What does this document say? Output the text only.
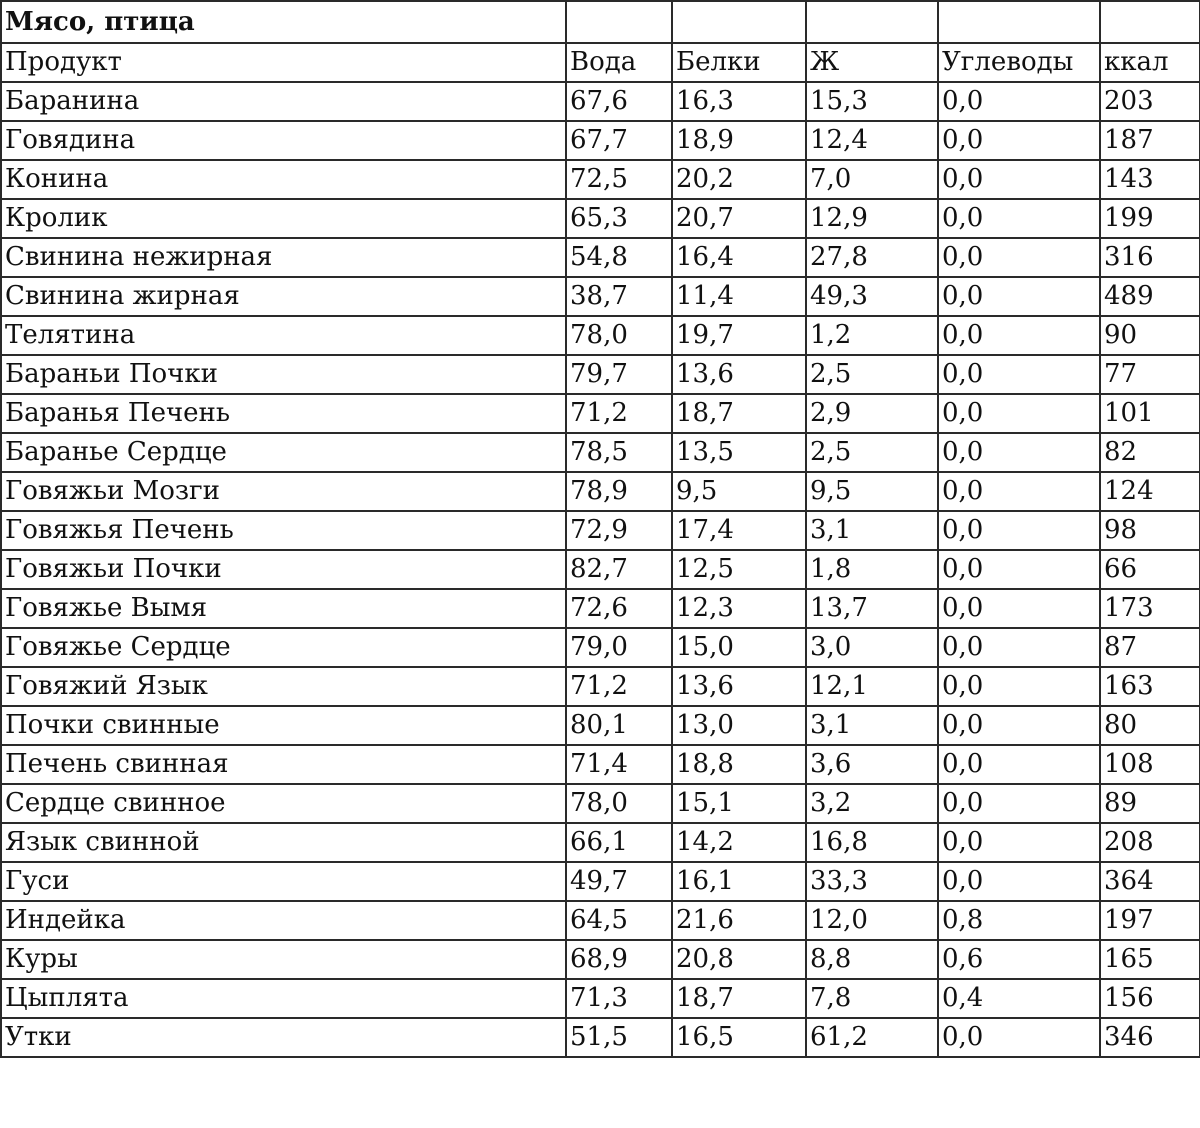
Мясо, птица					
Продукт	Вода	Белки	Ж	Углеводы	ккал
Баранина	67,6	16,3	15,3	0,0	203
Говядина	67,7	18,9	12,4	0,0	187
Конина	72,5	20,2	7,0	0,0	143
Кролик	65,3	20,7	12,9	0,0	199
Свинина нежирная	54,8	16,4	27,8	0,0	316
Свинина жирная	38,7	11,4	49,3	0,0	489
Телятина	78,0	19,7	1,2	0,0	90
Бараньи Почки	79,7	13,6	2,5	0,0	77
Баранья Печень	71,2	18,7	2,9	0,0	101
Баранье Сердце	78,5	13,5	2,5	0,0	82
Говяжьи Мозги	78,9	9,5	9,5	0,0	124
Говяжья Печень	72,9	17,4	3,1	0,0	98
Говяжьи Почки	82,7	12,5	1,8	0,0	66
Говяжье Вымя	72,6	12,3	13,7	0,0	173
Говяжье Сердце	79,0	15,0	3,0	0,0	87
Говяжий Язык	71,2	13,6	12,1	0,0	163
Почки свинные	80,1	13,0	3,1	0,0	80
Печень свинная	71,4	18,8	3,6	0,0	108
Сердце свинное	78,0	15,1	3,2	0,0	89
Язык свинной	66,1	14,2	16,8	0,0	208
Гуси	49,7	16,1	33,3	0,0	364
Индейка	64,5	21,6	12,0	0,8	197
Куры	68,9	20,8	8,8	0,6	165
Цыплята	71,3	18,7	7,8	0,4	156
Утки	51,5	16,5	61,2	0,0	346
